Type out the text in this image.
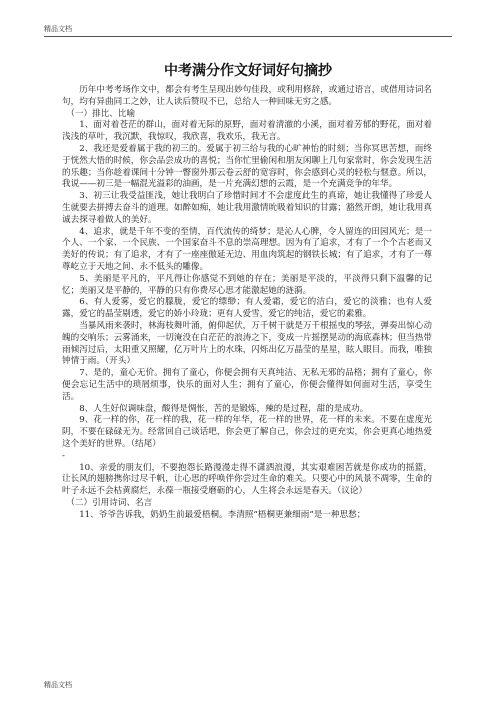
精品文档
中考满分作文好词好句摘抄

历年中考考场作文中，都会有考生呈现出妙句佳段，或利用修辞，或通过语言，或借用诗词名句，均有异曲同工之妙，让人读后赞叹不已，总给人一种回味无穷之感。

（一）排比、比喻

1、面对着苍茫的群山，面对着无际的原野，面对着清澈的小溪，面对着芳郁的野花，面对着浅浅的草叶，我沉默，我惊叹，我欣喜，我欢乐，我无言。

2、我还是爱着属于我的初三的。爱属于初三给与我的心旷神怡的时刻；当你冥思苦想，而终于恍然大悟的时候，你会品尝成功的喜悦；当你忙里偷闲和朋友闲聊上几句家常时，你会发现生活的乐趣；当你趁着课间十分钟一瞥窗外那云卷云舒的宽容时，你会感到心灵的轻松与惬意。所以，我说——初三是一幅混光溢彩的油画，是一片充满幻想的云霞，是一个充满竞争的年华。

3、初三让我受益匪浅，她让我明白了珍惜时间才不会虚度此生的真谛，她让我懂得了珍爱人生就要去拼搏去奋斗的道理。如醉如痴，她让我用激情吮吸着知识的甘露；豁然开朗，她让我用真诚去探寻着做人的美好。

4、追求，就是千年不变的至情，百代流传的绮梦；是沁人心脾，令人留连的田园风光；是一个人、一个家、一个民族、一个国家奋斗不息的崇高理想。因为有了追求，才有了一个个古老而又美好的传说；有了追求，才有了一座座傲延无边、用血肉筑起的钢铁长城；有了追求，才有了一尊尊屹立于天地之间、永不低头的雕像。

5、美丽是平凡的，平凡得让你感觉不到她的存在；美丽是平淡的，平淡得只剩下温馨的记忆；美丽又是平静的，平静的只有你费尽心思才能激起她的涟漪。

6、有人爱雾，爱它的朦胧，爱它的缥缈；有人爱霜，爱它的洁白，爱它的淡雅；也有人爱露，爱它的晶莹剔透，爱它的娇小玲珑；更有人爱雪，爱它的纯洁，爱它的素雅。

当暴风雨来袭时，林海枝舞叶涌，俯仰起伏，万千树干就是万千根摇曳的琴弦，弹奏出惊心动魄的交响乐；云雾涌来，一切淹没在白茫茫的浪涛之下，变成一片摇摆晃动的海底森林；但当热带雨倾泻过后，太阳重又照耀，亿万叶片上的水珠，闪烁出亿万晶莹的星星，眩人眼目。而我，唯独钟情于雨。（开头）

7、是的，童心无价。拥有了童心，你便会拥有天真纯洁、无私无邪的品格；拥有了童心，你便会忘记生活中的琐屑烦事，快乐的面对人生；拥有了童心，你便会懂得如何面对生活，享受生活。

8、人生好似调味盘，酸得是惆怅，苦的是锻炼，辣的是过程，甜的是成功。

9、花一样的你，花一样的我，花一样的年华，花一样的世界，花一样的未来。不要在虚度光阴，不要在碌碌无为。经常回自己谈话吧，你会更了解自己，你会过的更充实，你会更真心地热爱这个美好的世界。（结尾）

-

10、亲爱的朋友们，不要抱怨长路漫漫走得不潇洒浪漫，其实艰难困苦就是你成功的摇篮，让长风的翅膀携你过尽千帆，让心思的呼唤伴你尝过生命的难关。只要心中的风景不凋零，生命的叶子永远不会枯黄腐烂，永葆一瓶接受磨砺的心，人生将会永远是春天。（议论）

（二）引用诗词、名言

11、爷爷告诉我，奶奶生前最爱梧桐。李清照“梧桐更兼细雨”是一种思愁；

精品文档
